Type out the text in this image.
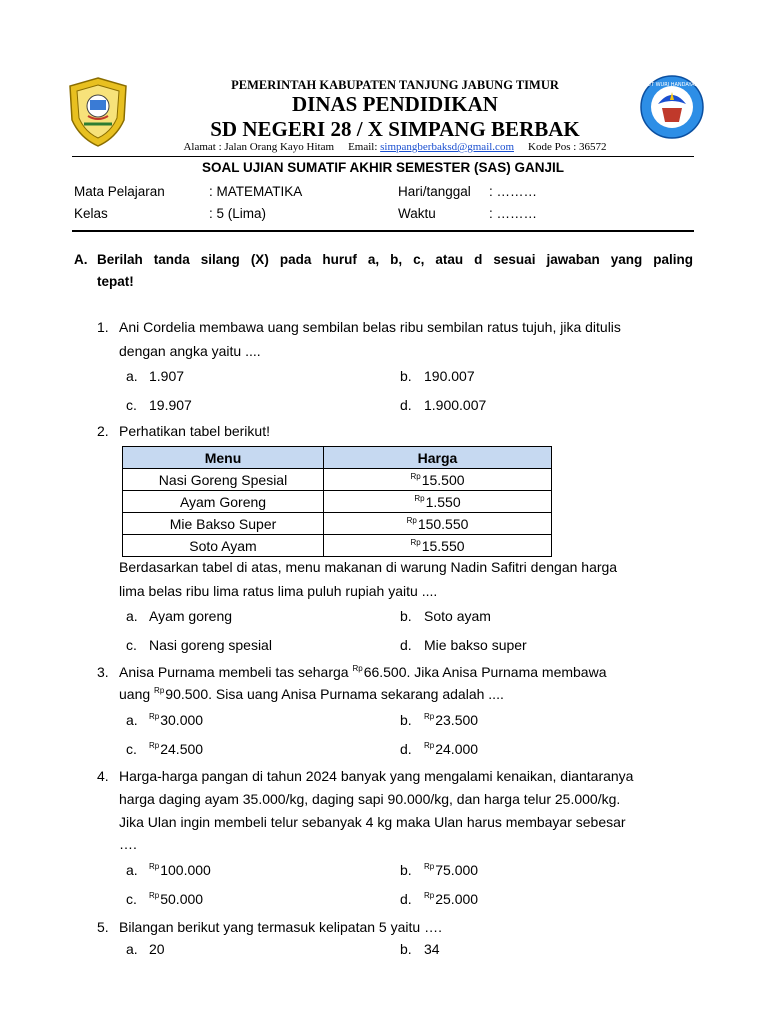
TUT WURI HANDAYANI
PEMERINTAH KABUPATEN TANJUNG JABUNG TIMUR
DINAS PENDIDIKAN
SD NEGERI 28 / X SIMPANG BERBAK
Alamat : Jalan Orang Kayo Hitam Email: simpangberbaksd@gmail.com Kode Pos : 36572
SOAL UJIAN SUMATIF AKHIR SEMESTER (SAS) GANJIL
Mata Pelajaran	: MATEMATIKA	Hari/tanggal : ………
Kelas	: 5 (Lima)	Waktu	: ………
A. Berilah tanda silang (X) pada huruf a, b, c, atau d sesuai jawaban yang paling
tepat!
1. Ani Cordelia membawa uang sembilan belas ribu sembilan ratus tujuh, jika ditulis
dengan angka yaitu ....
a. 1.907	b. 190.007
c. 19.907	d. 1.900.007
2. Perhatikan tabel berikut!
Menu	Harga
Nasi Goreng Spesial	$^{Rp}$15.500
Ayam Goreng	$^{Rp}$1.550
Mie Bakso Super	$^{Rp}$150.550
Soto Ayam	$^{Rp}$15.550
Berdasarkan tabel di atas, menu makanan di warung Nadin Safitri dengan harga
lima belas ribu lima ratus lima puluh rupiah yaitu ....
a. Ayam goreng	b. Soto ayam
c. Nasi goreng spesial	d. Mie bakso super
3. Anisa Purnama membeli tas seharga $^{Rp}$66.500. Jika Anisa Purnama membawa
uang $^{Rp}$90.500. Sisa uang Anisa Purnama sekarang adalah ....
a. $^{Rp}$30.000	b. $^{Rp}$23.500
c. $^{Rp}$24.500	d. $^{Rp}$24.000
4. Harga-harga pangan di tahun 2024 banyak yang mengalami kenaikan, diantaranya
harga daging ayam 35.000/kg, daging sapi 90.000/kg, dan harga telur 25.000/kg.
Jika Ulan ingin membeli telur sebanyak 4 kg maka Ulan harus membayar sebesar
….
a. $^{Rp}$100.000	b. $^{Rp}$75.000
c. $^{Rp}$50.000	d. $^{Rp}$25.000
5. Bilangan berikut yang termasuk kelipatan 5 yaitu ….
a. 20	b. 34
